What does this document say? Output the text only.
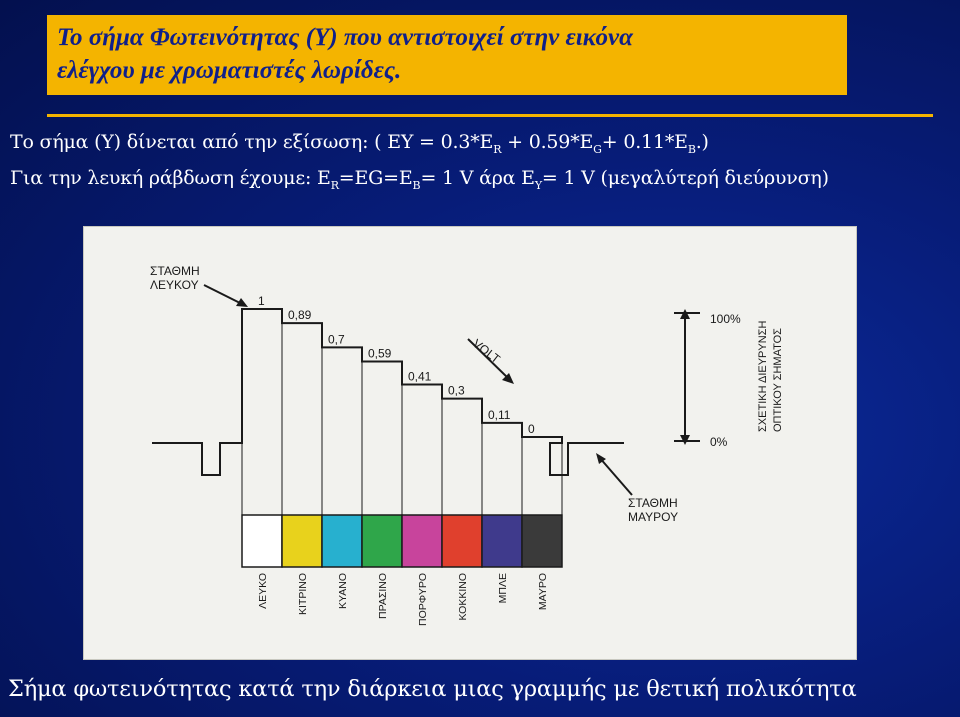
Το σήμα Φωτεινότητας (Υ) που αντιστοιχεί στην εικόνα
ελέγχου με χρωματιστές λωρίδες.
Το σήμα (Υ) δίνεται από την εξίσωση: ( $E\Upsilon = 0.3*E_R + 0.59*E_G+ 0.11*E_B$.)
Για την λευκή ράβδωση έχουμε: $E_R=EG=E_B= 1$ V άρα $E_Y= 1$ V (μεγαλύτερή διεύρυνση)
ΣΤΑΘΜΗ
ΛΕΥΚΟΥ
ΣΤΑΘΜΗ
ΜΑΥΡΟΥ
VOLT
100%
0%
ΣΧΕΤΙΚΗ ΔΙΕΥΡΥΝΣΗ ΟΠΤΙΚΟΥ ΣΗΜΑΤΟΣ
1
ΛΕΥΚΟ
0,89
ΚΙΤΡΙΝΟ
0,7
ΚΥΑΝΟ
0,59
ΠΡΑΣΙΝΟ
0,41
ΠΟΡΦΥΡΟ
0,3
ΚΟΚΚΙΝΟ
0,11
ΜΠΛΕ
0
ΜΑΥΡΟ
Σήμα φωτεινότητας κατά την διάρκεια μιας γραμμής με θετική πολικότητα
